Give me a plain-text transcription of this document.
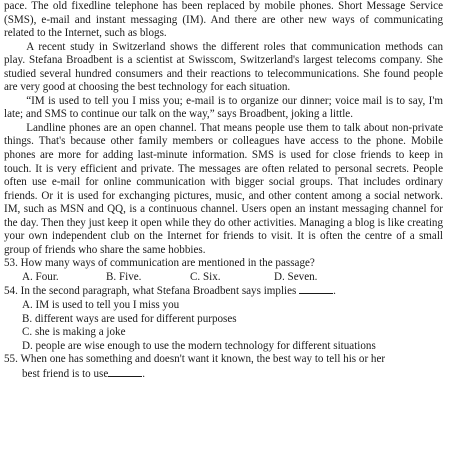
pace. The old fixedline telephone has been replaced by mobile phones. Short Message Service (SMS), e-mail and instant messaging (IM). And there are other new ways of communicating related to the Internet, such as blogs.

A recent study in Switzerland shows the different roles that communication methods can play. Stefana Broadbent is a scientist at Swisscom, Switzerland's largest telecoms company. She studied several hundred consumers and their reactions to telecommunications. She found people are very good at choosing the best technology for each situation.

“IM is used to tell you I miss you; e-mail is to organize our dinner; voice mail is to say, I'm late; and SMS to continue our talk on the way,” says Broadbent, joking a little.

Landline phones are an open channel. That means people use them to talk about non-private things. That's because other family members or colleagues have access to the phone. Mobile phones are more for adding last-minute information. SMS is used for close friends to keep in touch. It is very efficient and private. The messages are often related to personal secrets. People often use e-mail for online communication with bigger social groups. That includes ordinary friends. Or it is used for exchanging pictures, music, and other content among a social network. IM, such as MSN and QQ, is a continuous channel. Users open an instant messaging channel for the day. Then they just keep it open while they do other activities. Managing a blog is like creating your own independent club on the Internet for friends to visit. It is often the centre of a small group of friends who share the same hobbies.

53. How many ways of communication are mentioned in the passage?

A. Four.	B. Five.	C. Six.	D. Seven.

54. In the second paragraph, what Stefana Broadbent says implies	.

A. IM is used to tell you I miss you

B. different ways are used for different purposes

C. she is making a joke

D. people are wise enough to use the modern technology for different situations

55. When one has something and doesn't want it known, the best way to tell his or her

best friend is to use	.
